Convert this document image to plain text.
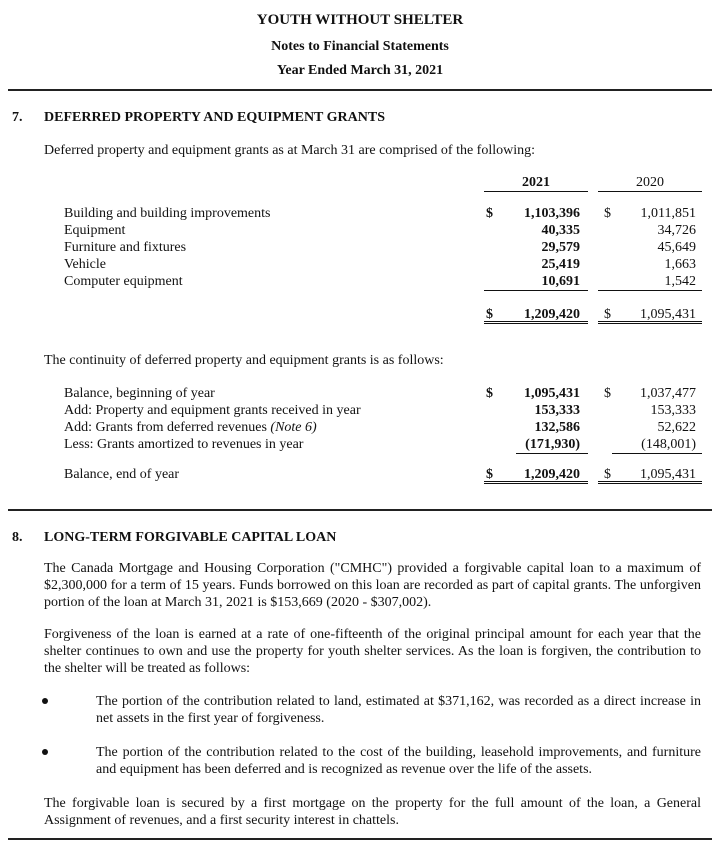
YOUTH WITHOUT SHELTER
Notes to Financial Statements
Year Ended March 31, 2021
7. DEFERRED PROPERTY AND EQUIPMENT GRANTS
Deferred property and equipment grants as at March 31 are comprised of the following:
2021	2020
Building and building improvements	$	1,103,396 $	1,011,851
Equipment	40,335	34,726
Furniture and fixtures	29,579	45,649
Vehicle	25,419	1,663
Computer equipment	10,691	1,542
$	1,209,420 $	1,095,431
The continuity of deferred property and equipment grants is as follows:
Balance, beginning of year	$	1,095,431 $	1,037,477
Add: Property and equipment grants received in year	153,333	153,333
Add: Grants from deferred revenues (Note 6)	132,586	52,622
Less: Grants amortized to revenues in year	(171,930)	(148,001)
Balance, end of year	$	1,209,420 $	1,095,431
8. LONG-TERM FORGIVABLE CAPITAL LOAN
The Canada Mortgage and Housing Corporation ("CMHC") provided a forgivable capital loan to a maximum of $2,300,000 for a term of 15 years. Funds borrowed on this loan are recorded as part of capital grants. The unforgiven portion of the loan at March 31, 2021 is $153,669 (2020 - $307,002).
Forgiveness of the loan is earned at a rate of one-fifteenth of the original principal amount for each year that the shelter continues to own and use the property for youth shelter services. As the loan is forgiven, the contribution to the shelter will be treated as follows:
The portion of the contribution related to land, estimated at $371,162, was recorded as a direct increase in net assets in the first year of forgiveness.
The portion of the contribution related to the cost of the building, leasehold improvements, and furniture and equipment has been deferred and is recognized as revenue over the life of the assets.
The forgivable loan is secured by a first mortgage on the property for the full amount of the loan, a General Assignment of revenues, and a first security interest in chattels.
